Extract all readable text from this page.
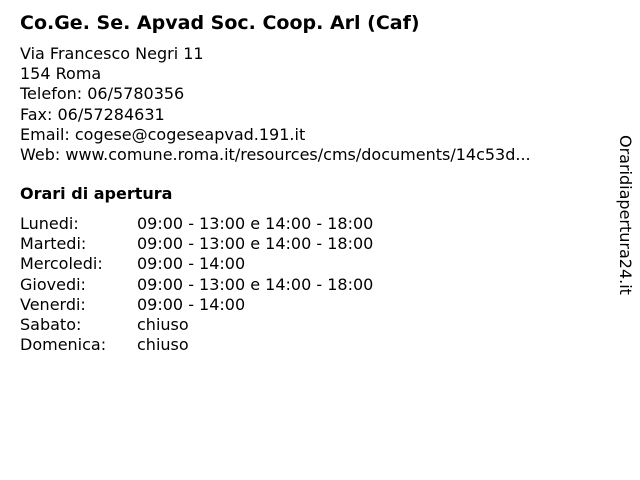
Co.Ge. Se. Apvad Soc. Coop. Arl (Caf)
Via Francesco Negri 11
154 Roma
Telefon: 06/5780356
Fax: 06/57284631
Email: cogese@cogeseapvad.191.it
Web: www.comune.roma.it/resources/cms/documents/14c53d...
Orari di apertura
Lunedi:	09:00 - 13:00 e 14:00 - 18:00
Martedi:	09:00 - 13:00 e 14:00 - 18:00
Mercoledi:	09:00 - 14:00
Giovedi:	09:00 - 13:00 e 14:00 - 18:00
Venerdi:	09:00 - 14:00
Sabato:	chiuso
Domenica:	chiuso
Oraridiapertura24.it
